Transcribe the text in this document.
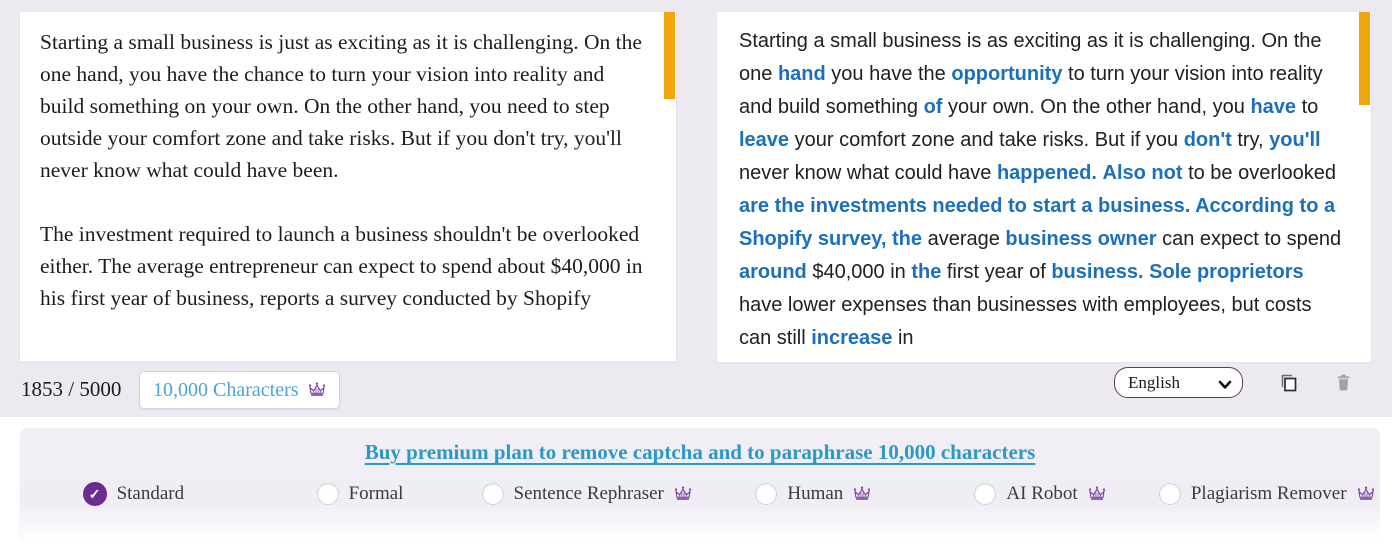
Starting a small business is just as exciting as it is challenging. On the one hand, you have the chance to turn your vision into reality and build something on your own. On the other hand, you need to step outside your comfort zone and take risks. But if you don't try, you'll never know what could have been.

The investment required to launch a business shouldn't be overlooked either. The average entrepreneur can expect to spend about $40,000 in his first year of business, reports a survey conducted by Shopify
Starting a small business is as exciting as it is challenging. On the one hand you have the opportunity to turn your vision into reality and build something of your own. On the other hand, you have to leave your comfort zone and take risks. But if you don't try, you'll never know what could have happened. Also not to be overlooked are the investments needed to start a business. According to a Shopify survey, the average business owner can expect to spend around $40,000 in the first year of business. Sole proprietors have lower expenses than businesses with employees, but costs can still increase in
1853 / 5000 10,000 Characters
English
Buy premium plan to remove captcha and to paraphrase 10,000 characters
✓ Standard	Formal	Sentence Rephraser	Human	AI Robot	Plagiarism Remover
